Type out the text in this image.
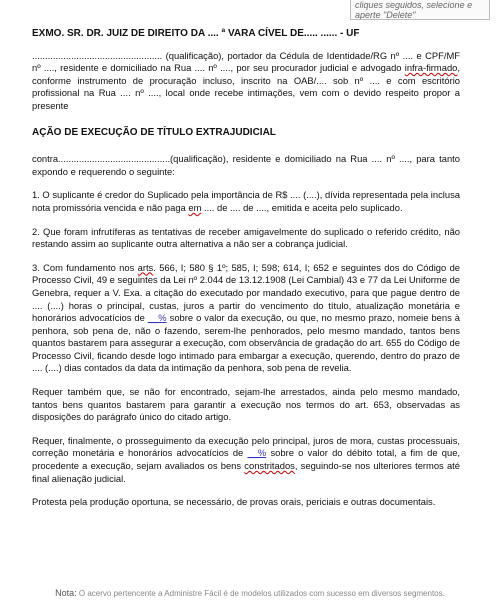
cliques seguidos, selecione e aperte "Delete"
EXMO. SR. DR. JUIZ DE DIREITO DA .... ª VARA CÍVEL DE..... ...... - UF

.................................................. (qualificação), portador da Cédula de Identidade/RG nº .... e CPF/MF nº ...., residente e domiciliado na Rua .... nº ...., por seu procurador judicial e advogado infra-firmado, conforme instrumento de procuração incluso, inscrito na OAB/.... sob nº .... e com escritório profissional na Rua .... nº ...., local onde recebe intimações, vem com o devido respeito propor a presente

AÇÃO DE EXECUÇÃO DE TÍTULO EXTRAJUDICIAL

contra...........................................(qualificação), residente e domiciliado na Rua .... nº ...., para tanto expondo e requerendo o seguinte:

1. O suplicante é credor do Suplicado pela importância de R$ .... (....), dívida representada pela inclusa nota promissória vencida e não paga em .... de .... de ...., emitida e aceita pelo suplicado.

2. Que foram infrutíferas as tentativas de receber amigavelmente do suplicado o referido crédito, não restando assim ao suplicante outra alternativa a não ser a cobrança judicial.

3. Com fundamento nos arts. 566, I; 580 § 1º; 585, I; 598; 614, I; 652 e seguintes dos do Código de Processo Civil, 49 e seguintes da Lei nº 2.044 de 13.12.1908 (Lei Cambial) 43 e 77 da Lei Uniforme de Genebra, requer a V. Exa. a citação do executado por mandado executivo, para que pague dentro de .... (....) horas o principal, custas, juros a partir do vencimento do título, atualização monetária e honorários advocatícios de __% sobre o valor da execução, ou que, no mesmo prazo, nomeie bens à penhora, sob pena de, não o fazendo, serem-lhe penhorados, pelo mesmo mandado, tantos bens quantos bastarem para assegurar a execução, com observância de gradação do art. 655 do Código de Processo Civil, ficando desde logo intimado para embargar a execução, querendo, dentro do prazo de .... (....) dias contados da data da intimação da penhora, sob pena de revelia.

Requer também que, se não for encontrado, sejam-lhe arrestados, ainda pelo mesmo mandado, tantos bens quantos bastarem para garantir a execução nos termos do art. 653, observadas as disposições do parágrafo único do citado artigo.

Requer, finalmente, o prosseguimento da execução pelo principal, juros de mora, custas processuais, correção monetária e honorários advocatícios de __% sobre o valor do débito total, a fim de que, procedente a execução, sejam avaliados os bens constritados, seguindo-se nos ulteriores termos até final alienação judicial.

Protesta pela produção oportuna, se necessário, de provas orais, periciais e outras documentais.

Nota: O acervo pertencente a Administre Fácil é de modelos utilizados com sucesso em diversos segmentos.
